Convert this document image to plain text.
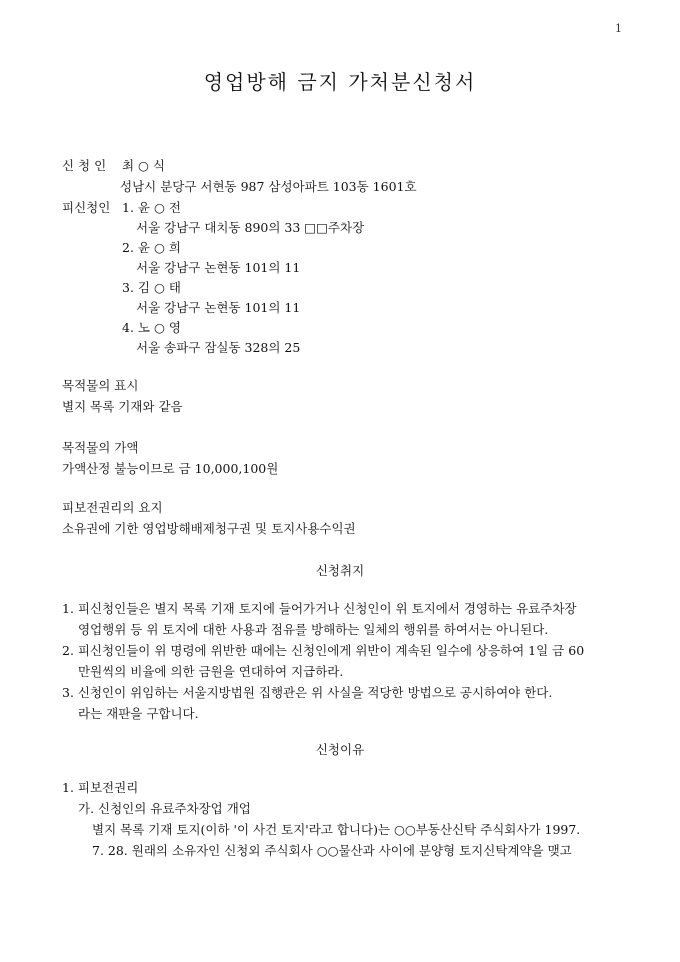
1
영업방해 금지 가처분신청서
신 청 인 최 ○ 식
성남시 분당구 서현동 987 삼성아파트 103동 1601호
피신청인 1. 윤 ○ 전
서울 강남구 대치동 890의 33 □□주차장
2. 윤 ○ 희
서울 강남구 논현동 101의 11
3. 김 ○ 태
서울 강남구 논현동 101의 11
4. 노 ○ 영
서울 송파구 잠실동 328의 25
목적물의 표시
별지 목록 기재와 같음
목적물의 가액
가액산정 불능이므로 금 10,000,100원
피보전권리의 요지
소유권에 기한 영업방해배제청구권 및 토지사용수익권
신청취지
1. 피신청인들은 별지 목록 기재 토지에 들어가거나 신청인이 위 토지에서 경영하는 유료주차장
영업행위 등 위 토지에 대한 사용과 점유를 방해하는 일체의 행위를 하여서는 아니된다.
2. 피신청인들이 위 명령에 위반한 때에는 신청인에게 위반이 계속된 일수에 상응하여 1일 금 60
만원씩의 비율에 의한 금원을 연대하여 지급하라.
3. 신청인이 위임하는 서울지방법원 집행관은 위 사실을 적당한 방법으로 공시하여야 한다.
라는 재판을 구합니다.
신청이유
1. 피보전권리
가. 신청인의 유료주차장업 개업
별지 목록 기재 토지(이하 '이 사건 토지'라고 합니다)는 ○○부동산신탁 주식회사가 1997.
7. 28. 원래의 소유자인 신청외 주식회사 ○○물산과 사이에 분양형 토지신탁계약을 맺고
